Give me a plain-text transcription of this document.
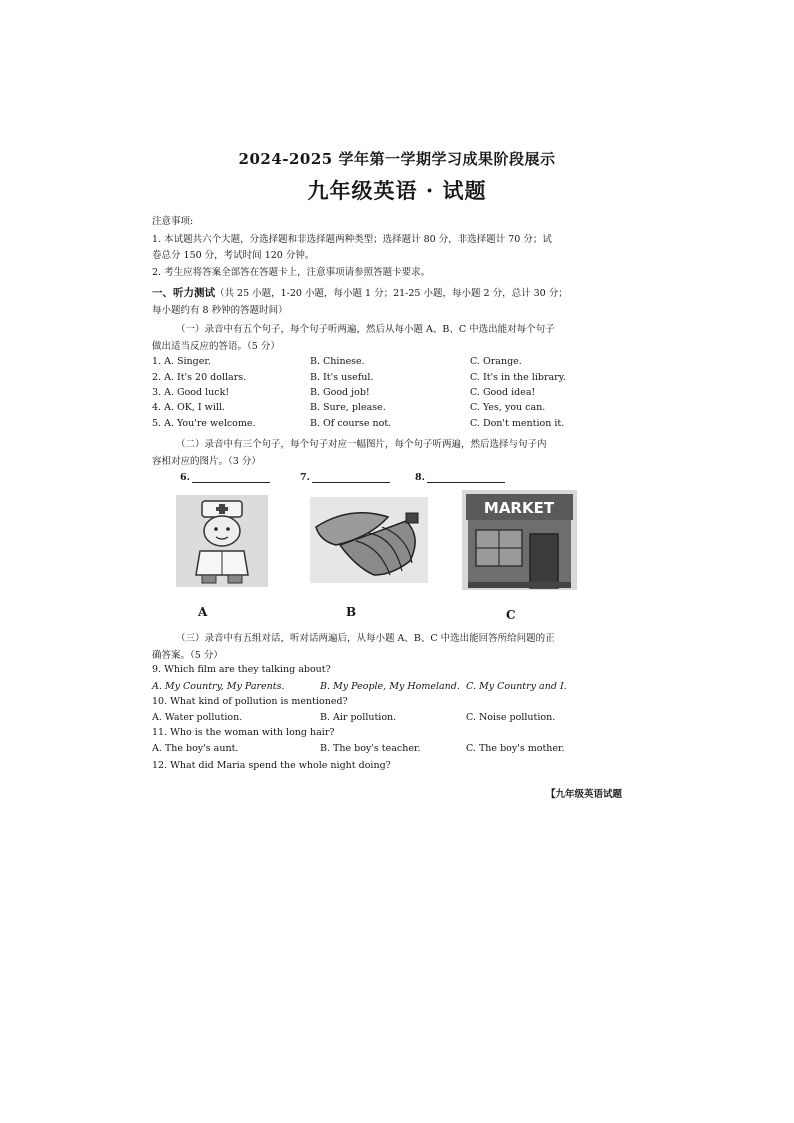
2024-2025 学年第一学期学习成果阶段展示
九年级英语 · 试题
注意事项:
1. 本试题共六个大题，分选择题和非选择题两种类型；选择题计 80 分，非选择题计 70 分；试
卷总分 150 分，考试时间 120 分钟。
2. 考生应将答案全部答在答题卡上，注意事项请参照答题卡要求。
一、听力测试（共 25 小题，1-20 小题，每小题 1 分；21-25 小题，每小题 2 分，总计 30 分；
每小题约有 8 秒钟的答题时间）
（一）录音中有五个句子，每个句子听两遍，然后从每小题 A、B、C 中选出能对每个句子
做出适当反应的答语。（5 分）
1. A. Singer.	B. Chinese.	C. Orange.
2. A. It's 20 dollars.	B. It's useful.	C. It's in the library.
3. A. Good luck!	B. Good job!	C. Good idea!
4. A. OK, I will.	B. Sure, please.	C. Yes, you can.
5. A. You're welcome.	B. Of course not.	C. Don't mention it.
（二）录音中有三个句子，每个句子对应一幅图片，每个句子听两遍，然后选择与句子内
容相对应的图片。（3 分）
6.	7.	8.
A	B
MARKET
C
（三）录音中有五组对话，听对话两遍后，从每小题 A、B、C 中选出能回答所给问题的正
确答案。（5 分）
9. Which film are they talking about?
A. My Country, My Parents.	B. My People, My Homeland. C. My Country and I.
10. What kind of pollution is mentioned?
A. Water pollution.	B. Air pollution.	C. Noise pollution.
11. Who is the woman with long hair?
A. The boy's aunt.	B. The boy's teacher.	C. The boy's mother.
12. What did Maria spend the whole night doing?
【九年级英语试题
